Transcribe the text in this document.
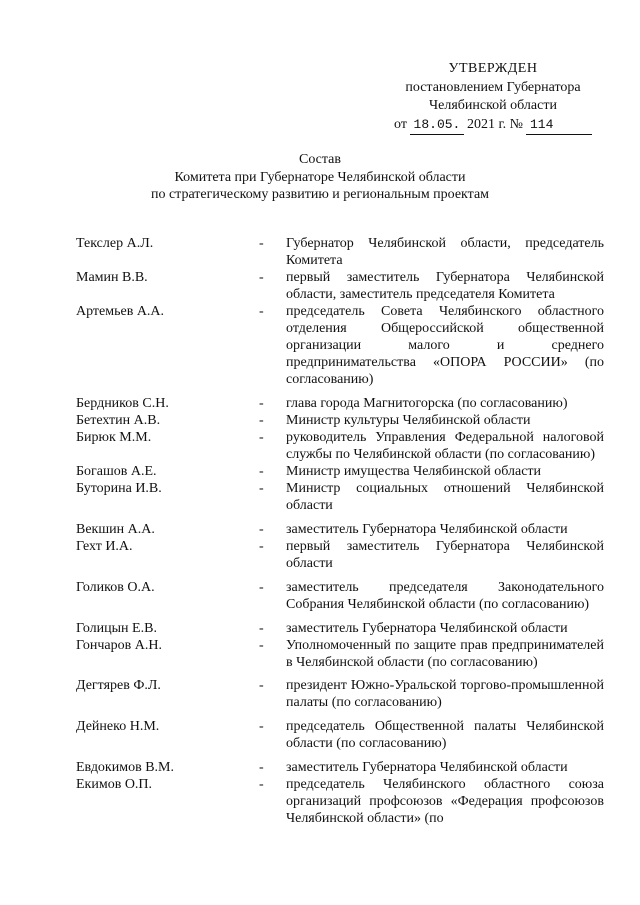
УТВЕРЖДЕН
постановлением Губернатора
Челябинской области
от 18.05. 2021 г. № 114
Состав
Комитета при Губернаторе Челябинской области
по стратегическому развитию и региональным проектам
Текслер А.Л.	-	Губернатор Челябинской области, председатель Комитета
Мамин В.В.	-	первый заместитель Губернатора Челябинской области, заместитель председателя Комитета
Артемьев А.А.	-	председатель Совета Челябинского областного отделения Общероссийской общественной организации малого и среднего предпринимательства «ОПОРА РОССИИ» (по согласованию)
Бердников С.Н.	-	глава города Магнитогорска (по согласованию)
Бетехтин А.В.	-	Министр культуры Челябинской области
Бирюк М.М.	-	руководитель Управления Федеральной налоговой службы по Челябинской области (по согласованию)
Богашов А.Е.	-	Министр имущества Челябинской области
Буторина И.В.	-	Министр социальных отношений Челябинской области
Векшин А.А.	-	заместитель Губернатора Челябинской области
Гехт И.А.	-	первый заместитель Губернатора Челябинской области
Голиков О.А.	-	заместитель председателя Законодательного Собрания Челябинской области (по согласованию)
Голицын Е.В.	-	заместитель Губернатора Челябинской области
Гончаров А.Н.	-	Уполномоченный по защите прав предпринимателей в Челябинской области (по согласованию)
Дегтярев Ф.Л.	-	президент Южно-Уральской торгово-промышленной палаты (по согласованию)
Дейнеко Н.М.	-	председатель Общественной палаты Челябинской области (по согласованию)
Евдокимов В.М.	-	заместитель Губернатора Челябинской области
Екимов О.П.	-	председатель Челябинского областного союза организаций профсоюзов «Федерация профсоюзов Челябинской области» (по
